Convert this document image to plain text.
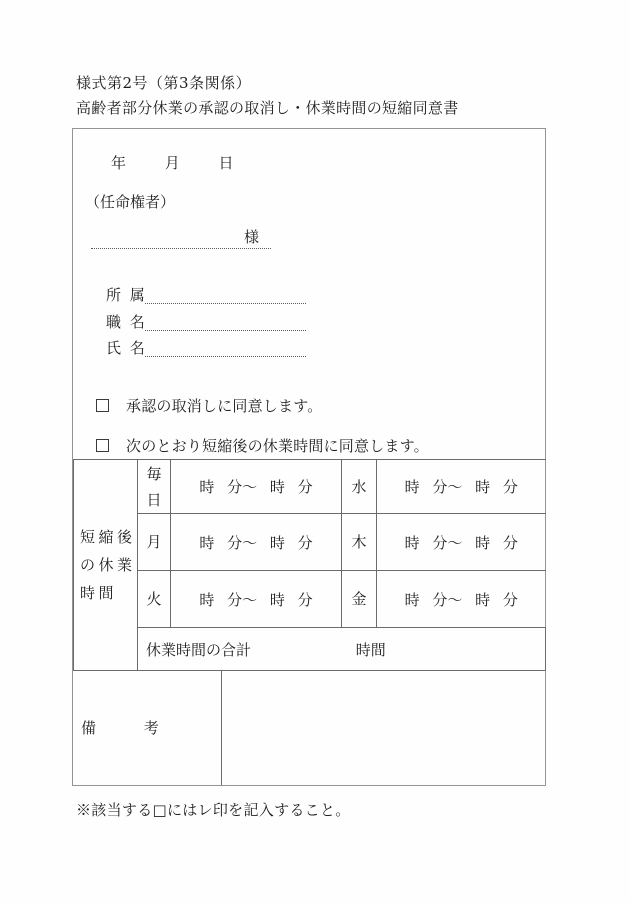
様式第2号（第3条関係）
高齢者部分休業の承認の取消し・休業時間の短縮同意書
年 月 日
（任命権者）
様
所 属
職 名
氏 名
承認の取消しに同意します。
次のとおり短縮後の休業時間に同意します。
短縮後の休業時間	毎日	時 分～ 時 分	水	時 分～ 時 分
	月	時 分～ 時 分	木	時 分～ 時 分
	火	時 分～ 時 分	金	時 分～ 時 分
	休業時間の合計 時間			
備 考
※該当する□にはレ印を記入すること。
